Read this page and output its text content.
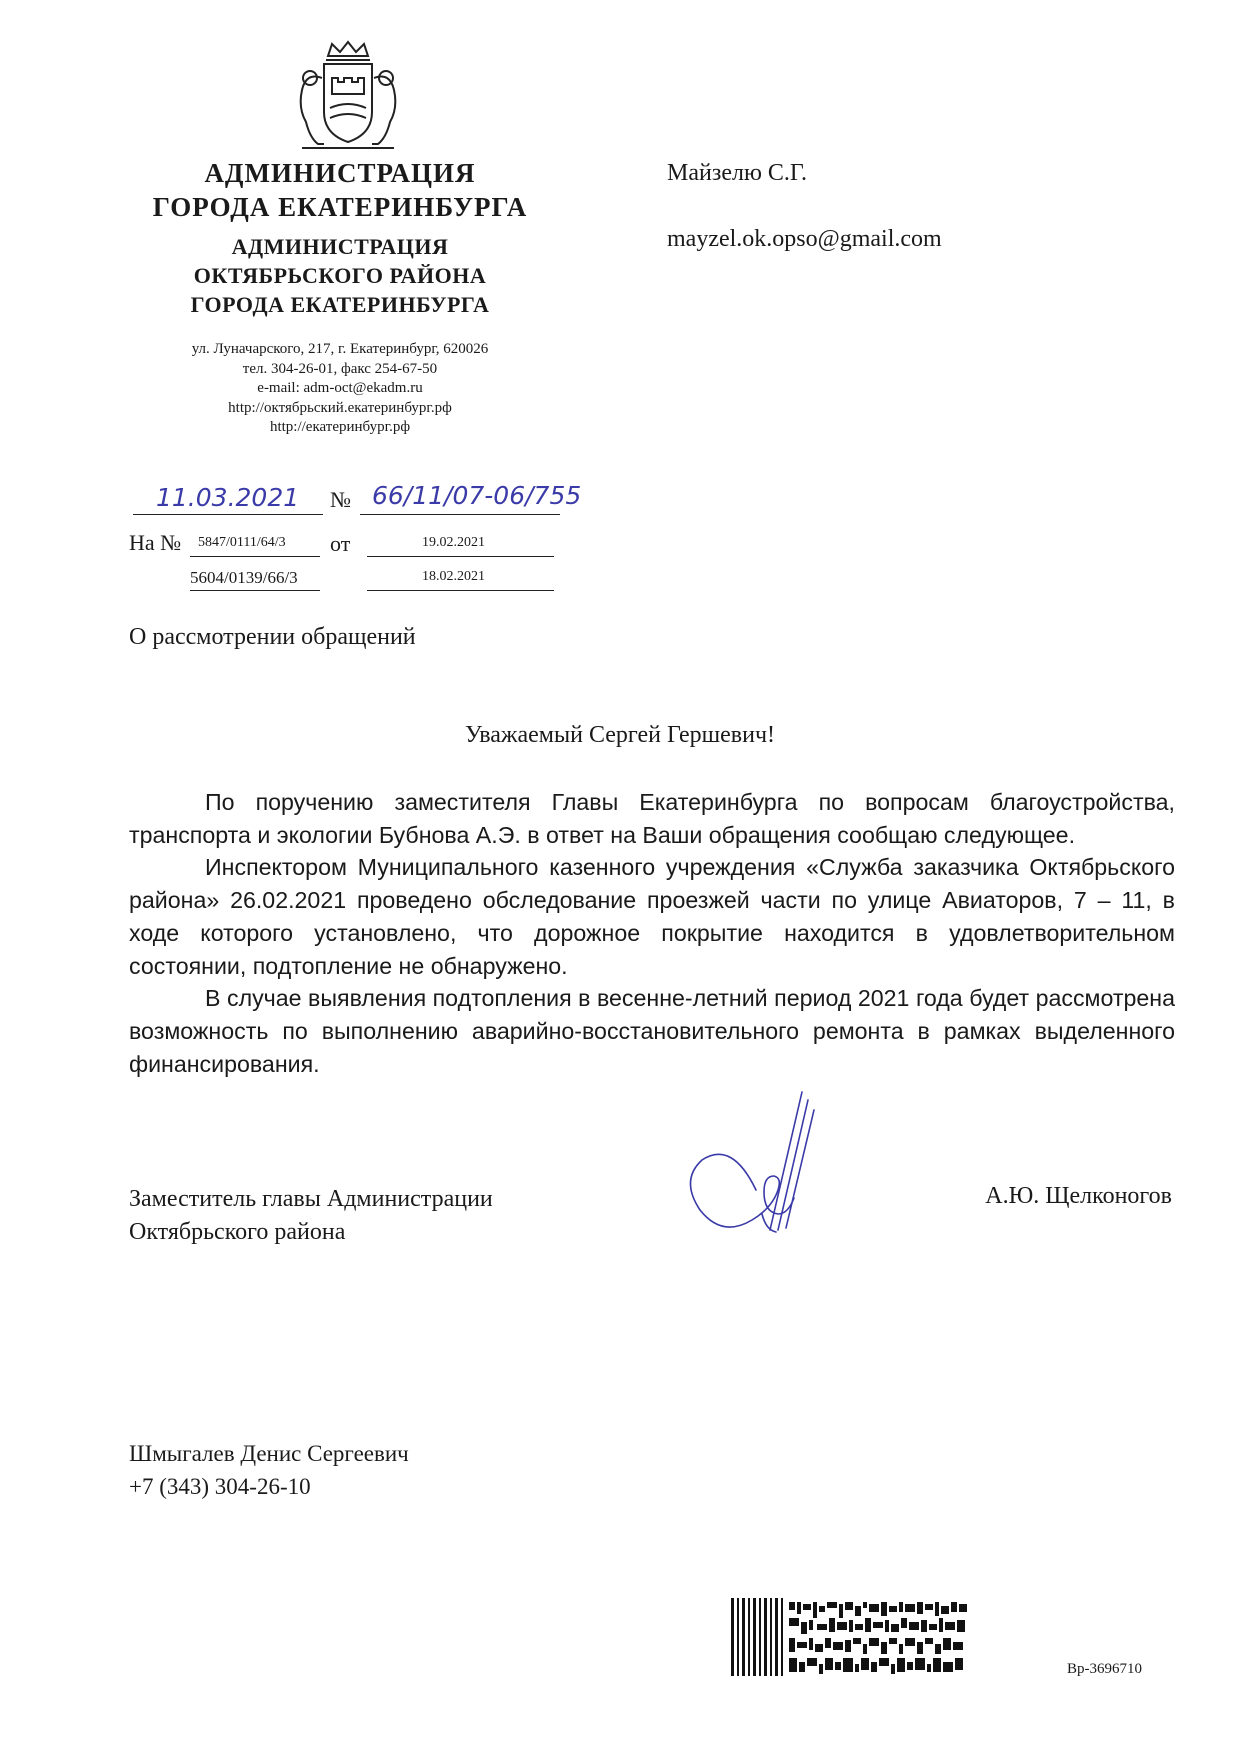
АДМИНИСТРАЦИЯ
ГОРОДА ЕКАТЕРИНБУРГА
АДМИНИСТРАЦИЯ
ОКТЯБРЬСКОГО РАЙОНА
ГОРОДА ЕКАТЕРИНБУРГА
ул. Луначарского, 217, г. Екатеринбург, 620026
тел. 304-26-01, факс 254-67-50
e-mail: adm-oct@ekadm.ru
http://октябрьский.екатеринбург.рф
http://екатеринбург.рф
11.03.2021 № 66/11/07-06/755
На № 5847/0111/64/3 от	19.02.2021
5604/0139/66/3	18.02.2021
Майзелю С.Г.
mayzel.ok.opso@gmail.com
О рассмотрении обращений
Уважаемый Сергей Гершевич!

По поручению заместителя Главы Екатеринбурга по вопросам благоустройства, транспорта и экологии Бубнова А.Э. в ответ на Ваши обращения сообщаю следующее.

Инспектором Муниципального казенного учреждения «Служба заказчика Октябрьского района» 26.02.2021 проведено обследование проезжей части по улице Авиаторов, 7 – 11, в ходе которого установлено, что дорожное покрытие находится в удовлетворительном состоянии, подтопление не обнаружено.

В случае выявления подтопления в весенне-летний период 2021 года будет рассмотрена возможность по выполнению аварийно-восстановительного ремонта в рамках выделенного финансирования.

Заместитель главы Администрации
Октябрьского района
А.Ю. Щелконогов
Шмыгалев Денис Сергеевич
+7 (343) 304-26-10
Вр-3696710
